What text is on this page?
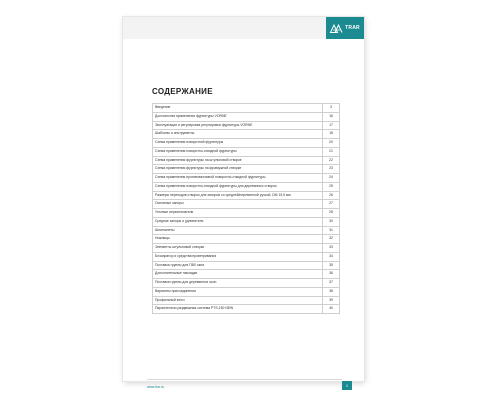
TRAR
СОДЕРЖАНИЕ
Введение	3
Достоинства применения фурнитуры VORNE	16
Эксплуатация и регулировка регулировка фурнитуры VORNE	17
Шаблоны и инструменты	18
Схема применения поворотной фурнитуры	20
Схема применения поворотно-откидной фурнитуры	21
Схема применения фурнитуры на штульповой створке	22
Схема применения фурнитуры на фрамужной створке	23
Схема применения противовзломной поворотно-откидной фурнитуры	24
Схема применения поворотно-откидной фурнитуры для деревянных створок	25
Размеры переходов створок для запоров со средней/переменной ручкой, DM 15,5 мм	26
Основные запоры	27
Угловые переключатели	28
Средние запоры и удлинители	30
Шпингалеты	31
Ножницы	32
Элементы штульповой створки	33
Блокиратор и средства проветривания	34
Поставка группы для ПВХ окна	35
Дополнительные накладки	36
Поставки группы для деревянных окон	37
Варианты присоединения	38
Профильный ключ	39
Параллельно-раздвижная система PTS-150 NEW	40
www.trar.ru	1
